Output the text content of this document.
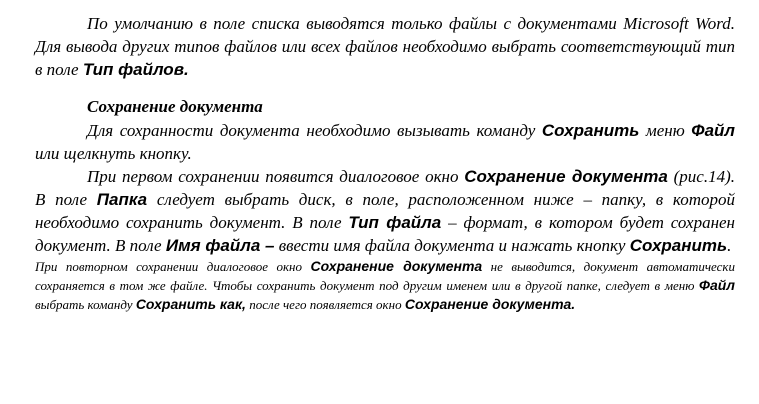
По умолчанию в поле списка выводятся только файлы с документами Microsoft Word. Для вывода других типов файлов или всех файлов необходимо выбрать соответствующий тип в поле Тип файлов.

Сохранение документа

Для сохранности документа необходимо вызывать команду Сохранить меню Файл или щелкнуть кнопку.

При первом сохранении появится диалоговое окно Сохранение документа (рис.14). В поле Папка следует выбрать диск, в поле, расположенном ниже – папку, в которой необходимо сохранить документ. В поле Тип файла – формат, в котором будет сохранен документ. В поле Имя файла – ввести имя файла документа и нажать кнопку Сохранить.

При повторном сохранении диалоговое окно Сохранение документа не выводится, документ автоматически сохраняется в том же файле. Чтобы сохранить документ под другим именем или в другой папке, следует в меню Файл выбрать команду Сохранить как, после чего появляется окно Сохранение документа.
